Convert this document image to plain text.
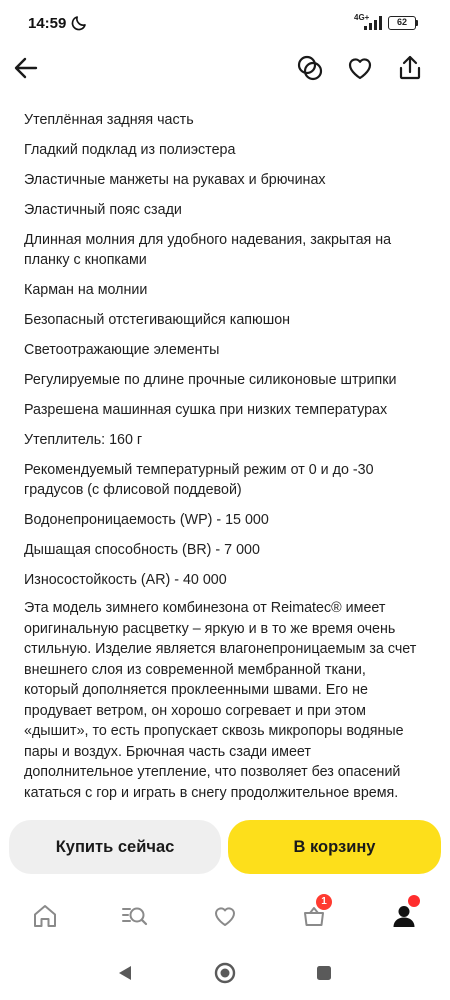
14:59	4G+	62
Утеплённая задняя часть
Гладкий подклад из полиэстера
Эластичные манжеты на рукавах и брючинах
Эластичный пояс сзади
Длинная молния для удобного надевания, закрытая на планку с кнопками
Карман на молнии
Безопасный отстегивающийся капюшон
Светоотражающие элементы
Регулируемые по длине прочные силиконовые штрипки
Разрешена машинная сушка при низких температурах
Утеплитель: 160 г
Рекомендуемый температурный режим от 0 и до -30 градусов (с флисовой поддевой)
Водонепроницаемость (WP) - 15 000
Дышащая способность (BR) - 7 000
Износостойкость (AR) - 40 000

Эта модель зимнего комбинезона от Reimatec® имеет оригинальную расцветку – яркую и в то же время очень стильную. Изделие является влагонепроницаемым за счет внешнего слоя из современной мембранной ткани, который дополняется проклеенными швами. Его не продувает ветром, он хорошо согревает и при этом «дышит», то есть пропускает сквозь микропоры водяные пары и воздух. Брючная часть сзади имеет дополнительное утепление, что позволяет без опасений кататься с гор и играть в снегу продолжительное время.

Купить сейчас	В корзину
1
